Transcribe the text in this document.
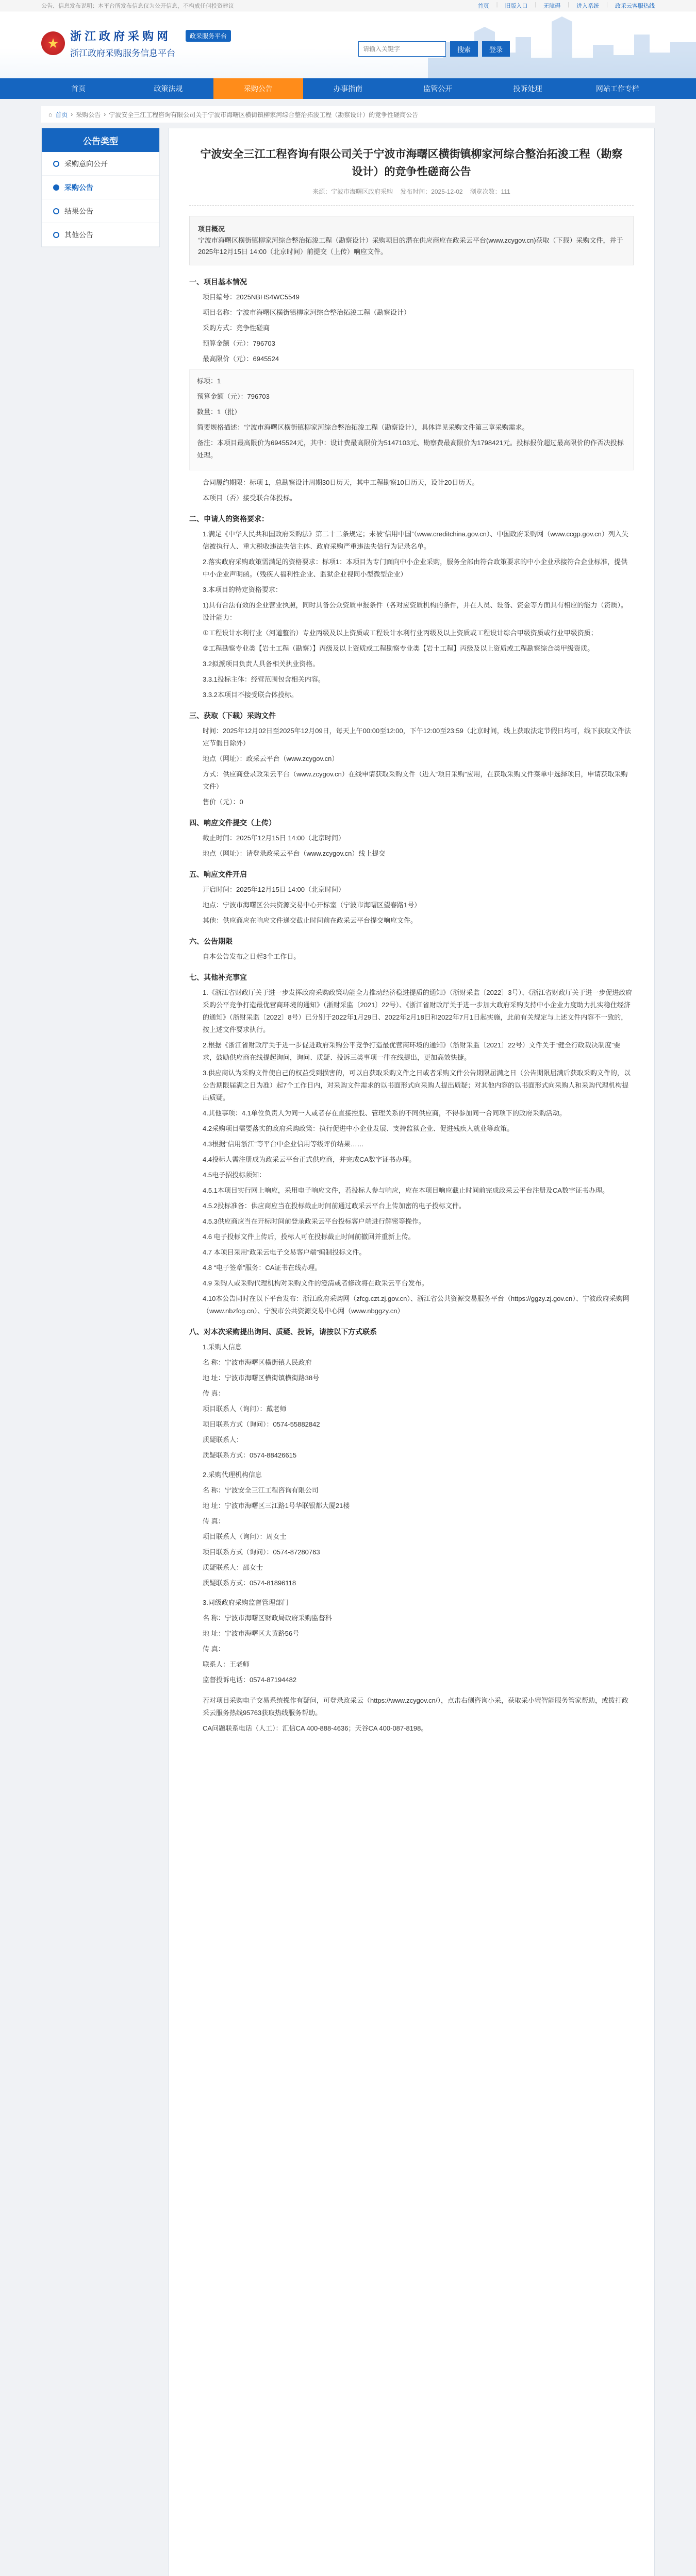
公告、信息发布说明：本平台所发布信息仅为公开信息，不构成任何投资建议	首页 | 旧版入口 | 无障碍 | 进入系统 | 政采云客服热线
★ 浙江政府采购网
浙江政府采购服务信息平台
政采服务平台
请输入关键字
搜索	登录
首页	政策法规	采购公告	办事指南	监管公开	投诉处理	网站工作专栏
⌂ 首页 › 采购公告 › 宁波安全三江工程咨询有限公司关于宁波市海曙区横街镇柳家河综合整治拓浚工程（勘察设计）的竞争性磋商公告
公告类型
采购意向公开
采购公告
结果公告
其他公告
宁波安全三江工程咨询有限公司关于宁波市海曙区横街镇柳家河综合整治拓浚工程（勘察设计）的竞争性磋商公告
来源：宁波市海曙区政府采购 发布时间：2025-12-02 浏览次数：111
项目概况
宁波市海曙区横街镇柳家河综合整治拓浚工程（勘察设计）采购项目的潜在供应商应在政采云平台(www.zcygov.cn)获取（下载）采购文件，并于2025年12月15日 14:00（北京时间）前提交（上传）响应文件。
一、项目基本情况

项目编号：2025NBHS4WC5549

项目名称：宁波市海曙区横街镇柳家河综合整治拓浚工程（勘察设计）

采购方式：竞争性磋商

预算金额（元）：796703

最高限价（元）：6945524

标项：1

预算金额（元）：796703

数量：1（批）

简要规格描述：宁波市海曙区横街镇柳家河综合整治拓浚工程（勘察设计），具体详见采购文件第三章采购需求。

备注：本项目最高限价为6945524元，其中：设计费最高限价为5147103元、勘察费最高限价为1798421元。投标报价超过最高限价的作否决投标处理。

合同履约期限：标项 1，总勘察设计周期30日历天，其中工程勘察10日历天，设计20日历天。

本项目（否）接受联合体投标。

二、申请人的资格要求：

1.满足《中华人民共和国政府采购法》第二十二条规定；未被“信用中国”（www.creditchina.gov.cn）、中国政府采购网（www.ccgp.gov.cn）列入失信被执行人、重大税收违法失信主体、政府采购严重违法失信行为记录名单。

2.落实政府采购政策需满足的资格要求：标项1：本项目为专门面向中小企业采购，服务全部由符合政策要求的中小企业承接符合企业标准，提供中小企业声明函。（残疾人福利性企业、监狱企业视同小型微型企业）

3.本项目的特定资格要求：

1)具有合法有效的企业营业执照，同时具备公众资质申报条件（各对应资质机构的条件，并在人员、设备、资金等方面具有相应的能力（资质）。设计能力：

①工程设计水利行业（河道整治）专业丙级及以上资质或工程设计水利行业丙级及以上资质或工程设计综合甲级资质或行业甲级资质；

②工程勘察专业类【岩土工程（勘察）】丙级及以上资质或工程勘察专业类【岩土工程】丙级及以上资质或工程勘察综合类甲级资质。

3.2拟派项目负责人具备相关执业资格。

3.3.1投标主体：经营范围包含相关内容。

3.3.2本项目不接受联合体投标。

三、获取（下载）采购文件

时间：2025年12月02日至2025年12月09日，每天上午00:00至12:00，下午12:00至23:59（北京时间，线上获取法定节假日均可，线下获取文件法定节假日除外）

地点（网址）：政采云平台（www.zcygov.cn）

方式：供应商登录政采云平台（www.zcygov.cn）在线申请获取采购文件（进入“项目采购”应用，在获取采购文件菜单中选择项目，申请获取采购文件）

售价（元）：0

四、响应文件提交（上传）

截止时间：2025年12月15日 14:00（北京时间）

地点（网址）：请登录政采云平台（www.zcygov.cn）线上提交

五、响应文件开启

开启时间：2025年12月15日 14:00（北京时间）

地点：宁波市海曙区公共资源交易中心开标室（宁波市海曙区望春路1号）

其他：供应商应在响应文件递交截止时间前在政采云平台提交响应文件。

六、公告期限

自本公告发布之日起3个工作日。

七、其他补充事宜

1.《浙江省财政厅关于进一步发挥政府采购政策功能全力推动经济稳进提质的通知》（浙财采监〔2022〕3号）、《浙江省财政厅关于进一步促进政府采购公平竞争打造最优营商环境的通知》（浙财采监〔2021〕22号）、《浙江省财政厅关于进一步加大政府采购支持中小企业力度助力扎实稳住经济的通知》（浙财采监〔2022〕8号）已分别于2022年1月29日、2022年2月18日和2022年7月1日起实施，此前有关规定与上述文件内容不一致的，按上述文件要求执行。

2.根据《浙江省财政厅关于进一步促进政府采购公平竞争打造最优营商环境的通知》（浙财采监〔2021〕22号）文件关于“健全行政裁决制度”要求，鼓励供应商在线提起询问，询问、质疑、投诉三类事项一律在线提出，更加高效快捷。

3.供应商认为采购文件使自己的权益受到损害的，可以自获取采购文件之日或者采购文件公告期限届满之日（公告期限届满后获取采购文件的，以公告期限届满之日为准）起7个工作日内，对采购文件需求的以书面形式向采购人提出质疑；对其他内容的以书面形式向采购人和采购代理机构提出质疑。

4.其他事项：4.1单位负责人为同一人或者存在直接控股、管理关系的不同供应商，不得参加同一合同项下的政府采购活动。

4.2采购项目需要落实的政府采购政策：执行促进中小企业发展、支持监狱企业、促进残疾人就业等政策。

4.3根据“信用浙江”等平台中企业信用等级评价结果……

4.4投标人需注册成为政采云平台正式供应商，并完成CA数字证书办理。

4.5电子招投标须知：

4.5.1本项目实行网上响应，采用电子响应文件，若投标人参与响应，应在本项目响应截止时间前完成政采云平台注册及CA数字证书办理。

4.5.2投标准备：供应商应当在投标截止时间前通过政采云平台上传加密的电子投标文件。

4.5.3供应商应当在开标时间前登录政采云平台投标客户端进行解密等操作。

4.6 电子投标文件上传后，投标人可在投标截止时间前撤回并重新上传。

4.7 本项目采用“政采云电子交易客户端”编制投标文件。

4.8 “电子签章”服务：CA证书在线办理。

4.9 采购人或采购代理机构对采购文件的澄清或者修改将在政采云平台发布。

4.10本公告同时在以下平台发布：浙江政府采购网（zfcg.czt.zj.gov.cn）、浙江省公共资源交易服务平台（https://ggzy.zj.gov.cn）、宁波政府采购网（www.nbzfcg.cn）、宁波市公共资源交易中心网（www.nbggzy.cn）

八、对本次采购提出询问、质疑、投诉，请按以下方式联系

1.采购人信息

名 称：宁波市海曙区横街镇人民政府

地 址：宁波市海曙区横街镇横街路38号

传 真：

项目联系人（询问）：戴老师

项目联系方式（询问）：0574-55882842

质疑联系人：

质疑联系方式：0574-88426615

2.采购代理机构信息

名 称：宁波安全三江工程咨询有限公司

地 址：宁波市海曙区三江路1号华联银都大厦21楼

传 真：

项目联系人（询问）：周女士

项目联系方式（询问）：0574-87280763

质疑联系人：邵女士

质疑联系方式：0574-81896118

3.同级政府采购监督管理部门

名 称：宁波市海曙区财政局政府采购监督科

地 址：宁波市海曙区大黄路56号

传 真：

联系人：王老师

监督投诉电话：0574-87194482

若对项目采购电子交易系统操作有疑问，可登录政采云（https://www.zcygov.cn/），点击右侧咨询小采，获取采小蜜智能服务管家帮助，或拨打政采云服务热线95763获取热线服务帮助。

CA问题联系电话（人工）：汇信CA 400-888-4636；天谷CA 400-087-8198。
